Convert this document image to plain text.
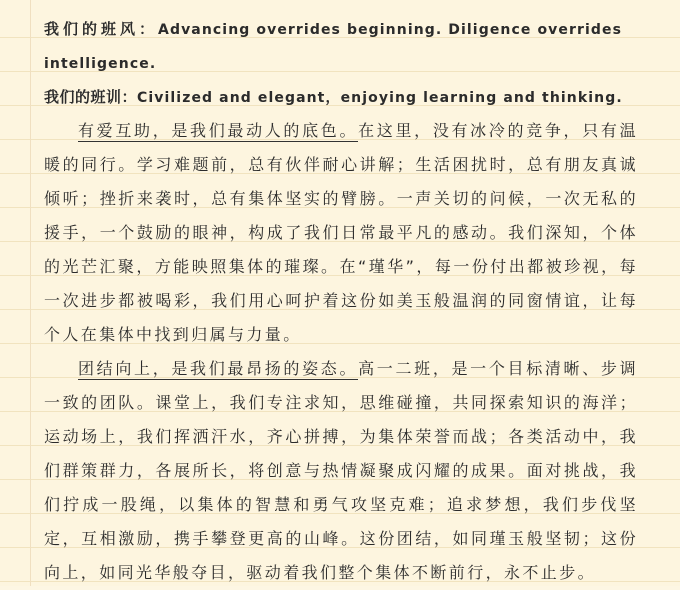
我们的班风：Advancing overrides beginning. Diligence overrides
intelligence.
我们的班训：Civilized and elegant，enjoying learning and thinking.

有爱互助，是我们最动人的底色。在这里，没有冰冷的竞争，只有温暖的同行。学习难题前，总有伙伴耐心讲解；生活困扰时，总有朋友真诚倾听；挫折来袭时，总有集体坚实的臂膀。一声关切的问候，一次无私的援手，一个鼓励的眼神，构成了我们日常最平凡的感动。我们深知，个体的光芒汇聚，方能映照集体的璀璨。在“瑾华”，每一份付出都被珍视，每一次进步都被喝彩，我们用心呵护着这份如美玉般温润的同窗情谊，让每个人在集体中找到归属与力量。

团结向上，是我们最昂扬的姿态。高一二班，是一个目标清晰、步调一致的团队。课堂上，我们专注求知，思维碰撞，共同探索知识的海洋；运动场上，我们挥洒汗水，齐心拼搏，为集体荣誉而战；各类活动中，我们群策群力，各展所长，将创意与热情凝聚成闪耀的成果。面对挑战，我们拧成一股绳，以集体的智慧和勇气攻坚克难；追求梦想，我们步伐坚定，互相激励，携手攀登更高的山峰。这份团结，如同瑾玉般坚韧；这份向上，如同光华般夺目，驱动着我们整个集体不断前行，永不止步。
